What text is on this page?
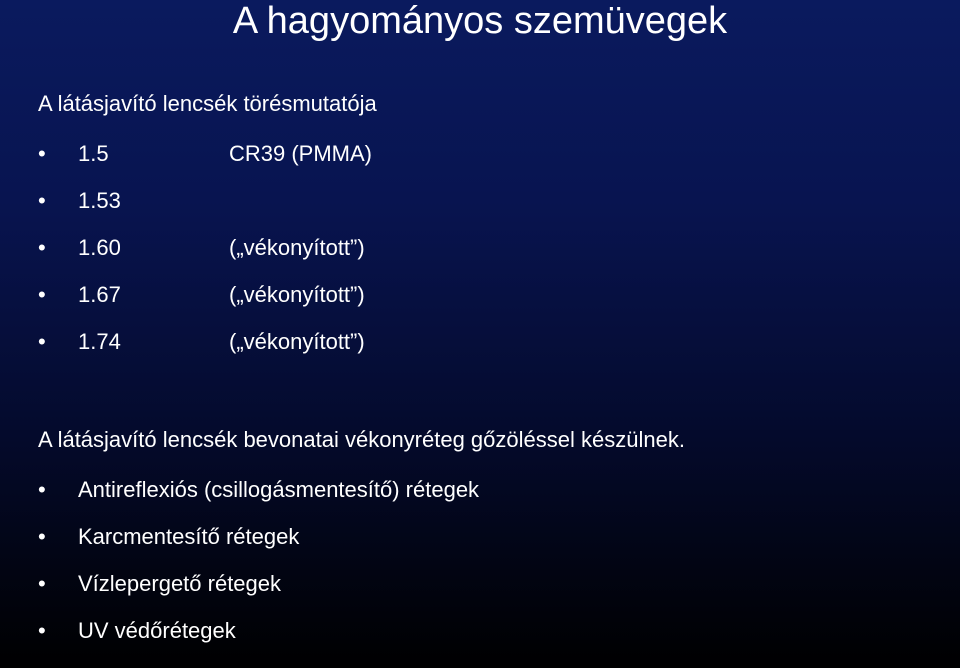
A hagyományos szemüvegek

A látásjavító lencsék törésmutatója

• 1.5	CR39 (PMMA)
• 1.53
• 1.60	(„vékonyított”)
• 1.67	(„vékonyított”)
• 1.74	(„vékonyított”)

A látásjavító lencsék bevonatai vékonyréteg gőzöléssel készülnek.

• Antireflexiós (csillogásmentesítő) rétegek
• Karcmentesítő rétegek
• Vízlepergető rétegek
• UV védőrétegek
